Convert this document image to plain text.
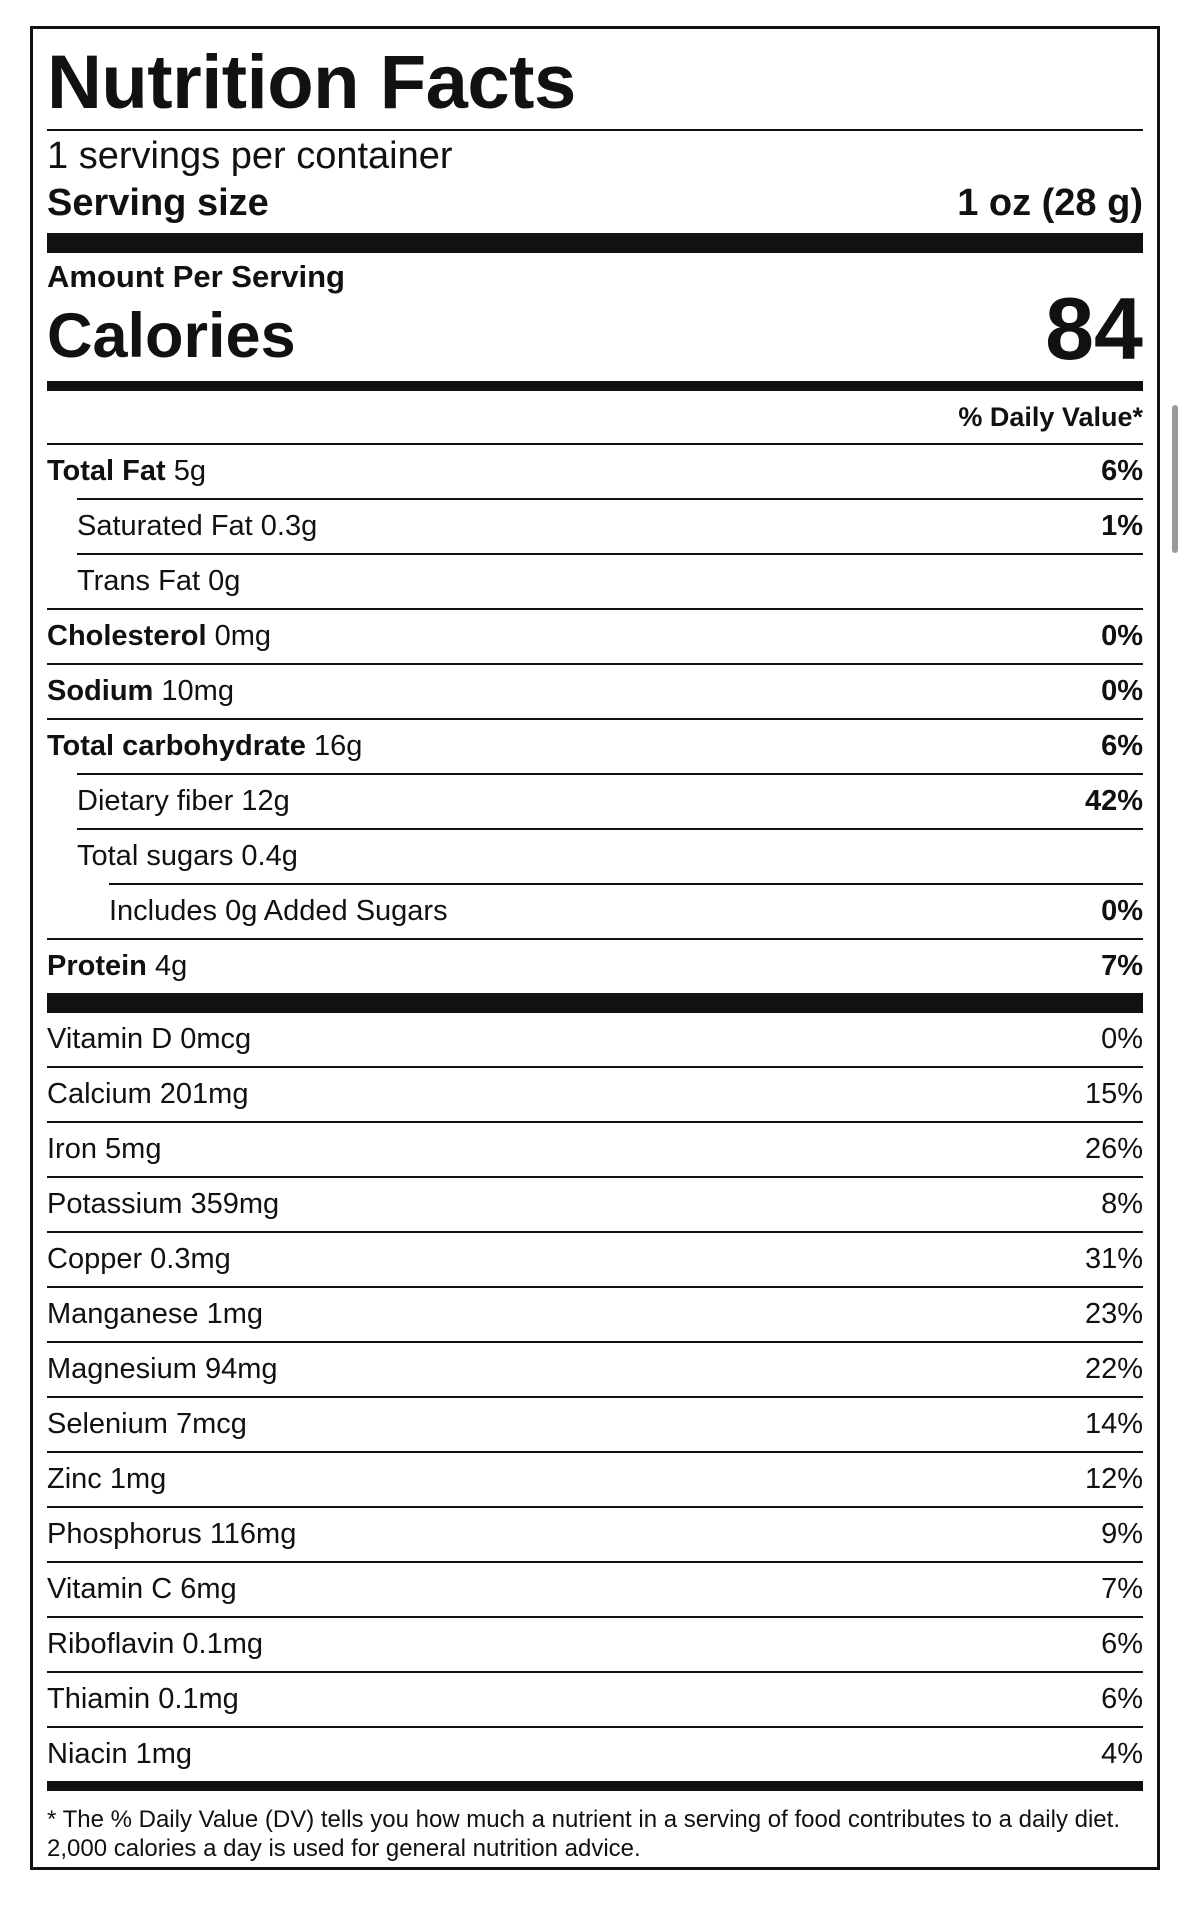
Nutrition Facts
1 servings per container
Serving size	1 oz (28 g)
Amount Per Serving
Calories	84
% Daily Value*
Total Fat 5g	6%
Saturated Fat 0.3g	1%
Trans Fat 0g
Cholesterol 0mg	0%
Sodium 10mg	0%
Total carbohydrate 16g	6%
Dietary fiber 12g	42%
Total sugars 0.4g
Includes 0g Added Sugars	0%
Protein 4g	7%
Vitamin D 0mcg	0%
Calcium 201mg	15%
Iron 5mg	26%
Potassium 359mg	8%
Copper 0.3mg	31%
Manganese 1mg	23%
Magnesium 94mg	22%
Selenium 7mcg	14%
Zinc 1mg	12%
Phosphorus 116mg	9%
Vitamin C 6mg	7%
Riboflavin 0.1mg	6%
Thiamin 0.1mg	6%
Niacin 1mg	4%
* The % Daily Value (DV) tells you how much a nutrient in a serving of food contributes to a daily diet. 2,000 calories a day is used for general nutrition advice.
